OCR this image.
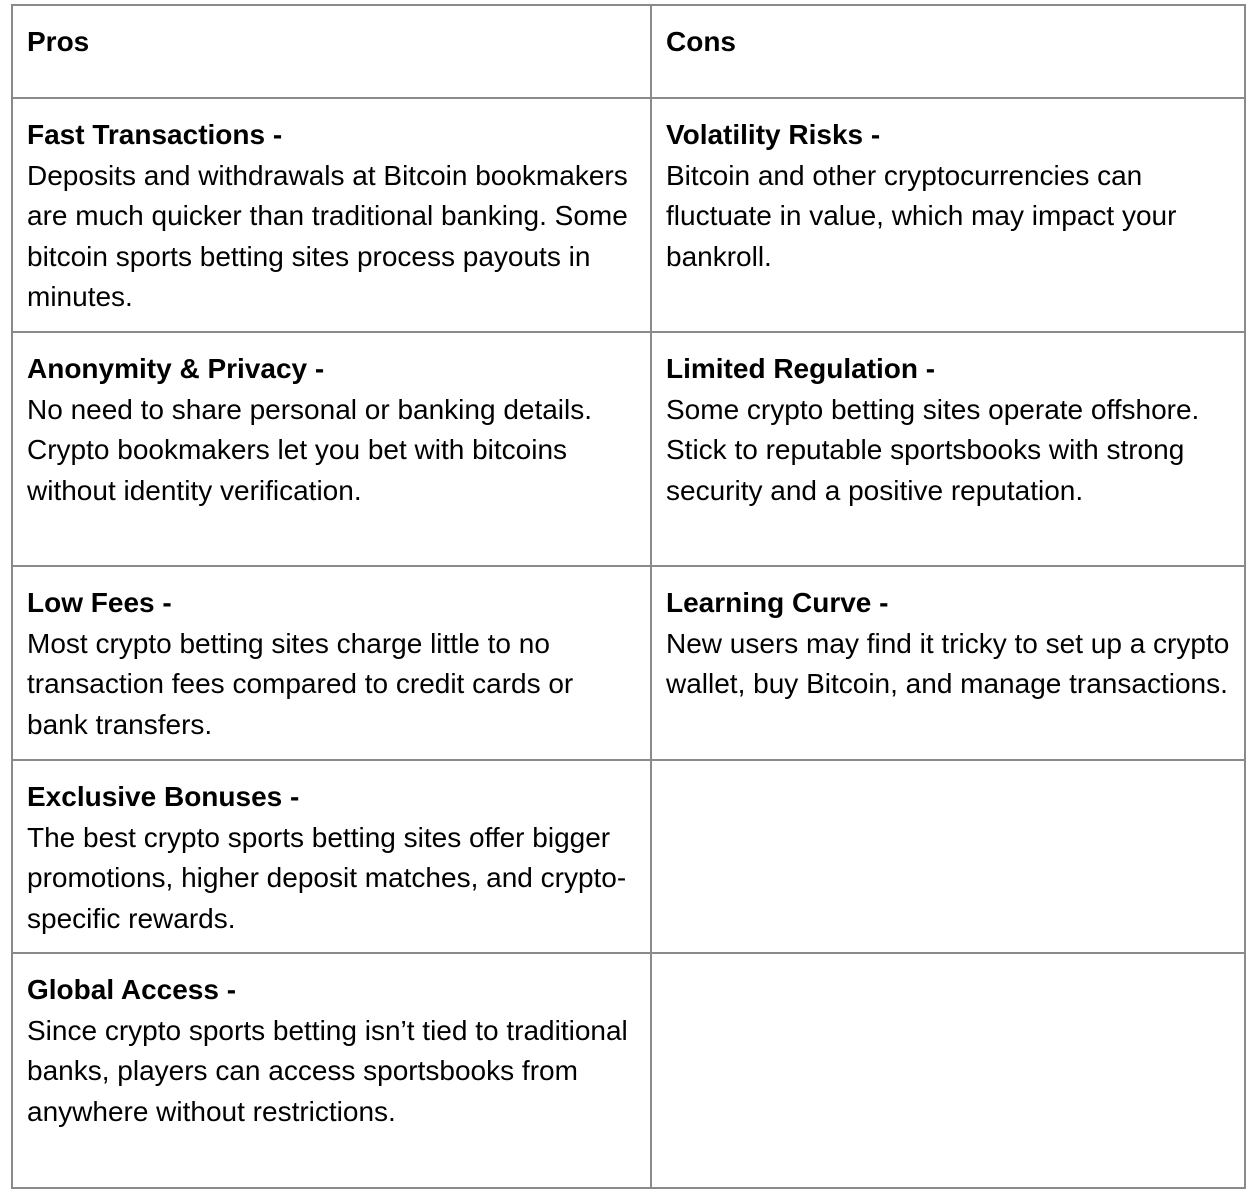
Pros	Cons

Fast Transactions -
Deposits and withdrawals at Bitcoin bookmakers are much quicker than traditional banking. Some bitcoin sports betting sites process payouts in minutes.	Volatility Risks -
Bitcoin and other cryptocurrencies can fluctuate in value, which may impact your bankroll.

Anonymity & Privacy -
No need to share personal or banking details. Crypto bookmakers let you bet with bitcoins without identity verification.	Limited Regulation -
Some crypto betting sites operate offshore. Stick to reputable sportsbooks with strong security and a positive reputation.

Low Fees -
Most crypto betting sites charge little to no transaction fees compared to credit cards or bank transfers.	Learning Curve -
New users may find it tricky to set up a crypto wallet, buy Bitcoin, and manage transactions.

Exclusive Bonuses -
The best crypto sports betting sites offer bigger promotions, higher deposit matches, and crypto-specific rewards.	

Global Access -
Since crypto sports betting isn’t tied to traditional banks, players can access sportsbooks from anywhere without restrictions.	
